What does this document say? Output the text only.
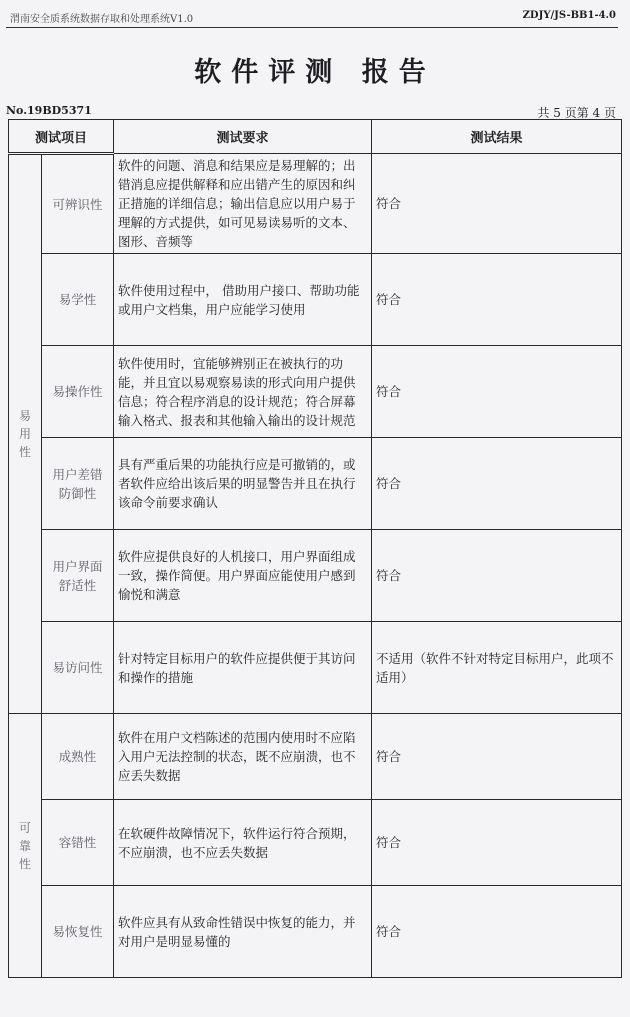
渭南安全质系统数据存取和处理系统V1.0	ZDJY/JS-BB1-4.0
软件评测 报告
No.19BD5371	共 5 页第 4 页
测试项目		测试要求	测试结果

易用性	可辨识性	软件的问题、消息和结果应是易理解的；出错消息应提供解释和应出错产生的原因和纠正措施的详细信息；输出信息应以用户易于理解的方式提供，如可见易读易听的文本、图形、音频等	符合
	易学性	软件使用过程中， 借助用户接口、帮助功能或用户文档集，用户应能学习使用	符合
	易操作性	软件使用时，宜能够辨别正在被执行的功能，并且宜以易观察易读的形式向用户提供信息；符合程序消息的设计规范；符合屏幕输入格式、报表和其他输入输出的设计规范	符合
	用户差错防御性	具有严重后果的功能执行应是可撤销的，或者软件应给出该后果的明显警告并且在执行该命令前要求确认	符合
	用户界面舒适性	软件应提供良好的人机接口，用户界面组成一致，操作简便。用户界面应能使用户感到愉悦和满意	符合
	易访问性	针对特定目标用户的软件应提供便于其访问和操作的措施	不适用（软件不针对特定目标用户，此项不适用）

可靠性	成熟性	软件在用户文档陈述的范围内使用时不应陷入用户无法控制的状态，既不应崩溃，也不应丢失数据	符合
	容错性	在软硬件故障情况下，软件运行符合预期，不应崩溃，也不应丢失数据	符合
	易恢复性	软件应具有从致命性错误中恢复的能力，并对用户是明显易懂的	符合
